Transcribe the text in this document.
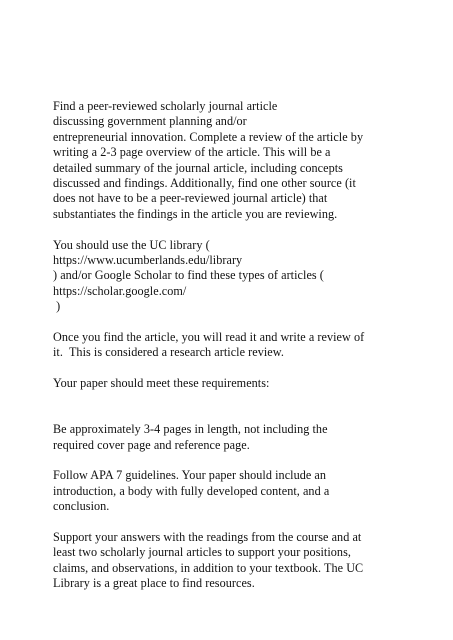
Find a peer-reviewed scholarly journal article
discussing government planning and/or
entrepreneurial innovation. Complete a review of the article by
writing a 2-3 page overview of the article. This will be a
detailed summary of the journal article, including concepts
discussed and findings. Additionally, find one other source (it
does not have to be a peer-reviewed journal article) that
substantiates the findings in the article you are reviewing.
You should use the UC library (
https://www.ucumberlands.edu/library
) and/or Google Scholar to find these types of articles (
https://scholar.google.com/
)
Once you find the article, you will read it and write a review of
it.  This is considered a research article review.
Your paper should meet these requirements:
Be approximately 3-4 pages in length, not including the
required cover page and reference page.
Follow APA 7 guidelines. Your paper should include an
introduction, a body with fully developed content, and a
conclusion.
Support your answers with the readings from the course and at
least two scholarly journal articles to support your positions,
claims, and observations, in addition to your textbook. The UC
Library is a great place to find resources.
